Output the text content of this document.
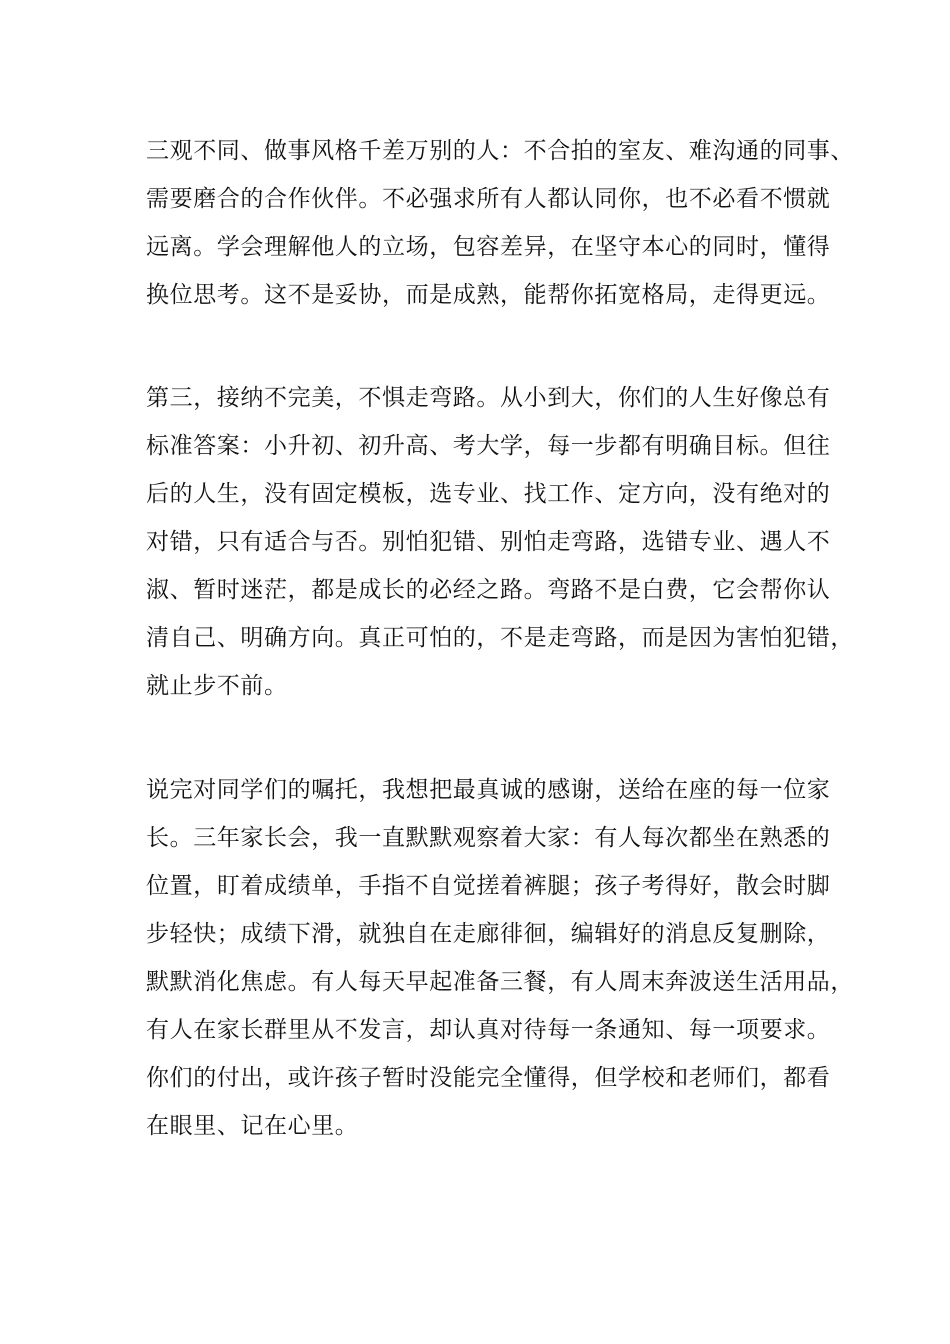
三观不同、做事风格千差万别的人：不合拍的室友、难沟通的同事、
需要磨合的合作伙伴。不必强求所有人都认同你，也不必看不惯就
远离。学会理解他人的立场，包容差异，在坚守本心的同时，懂得
换位思考。这不是妥协，而是成熟，能帮你拓宽格局，走得更远。
第三，接纳不完美，不惧走弯路。从小到大，你们的人生好像总有
标准答案：小升初、初升高、考大学，每一步都有明确目标。但往
后的人生，没有固定模板，选专业、找工作、定方向，没有绝对的
对错，只有适合与否。别怕犯错、别怕走弯路，选错专业、遇人不
淑、暂时迷茫，都是成长的必经之路。弯路不是白费，它会帮你认
清自己、明确方向。真正可怕的，不是走弯路，而是因为害怕犯错，
就止步不前。
说完对同学们的嘱托，我想把最真诚的感谢，送给在座的每一位家
长。三年家长会，我一直默默观察着大家：有人每次都坐在熟悉的
位置，盯着成绩单，手指不自觉搓着裤腿；孩子考得好，散会时脚
步轻快；成绩下滑，就独自在走廊徘徊，编辑好的消息反复删除，
默默消化焦虑。有人每天早起准备三餐，有人周末奔波送生活用品，
有人在家长群里从不发言，却认真对待每一条通知、每一项要求。
你们的付出，或许孩子暂时没能完全懂得，但学校和老师们，都看
在眼里、记在心里。
